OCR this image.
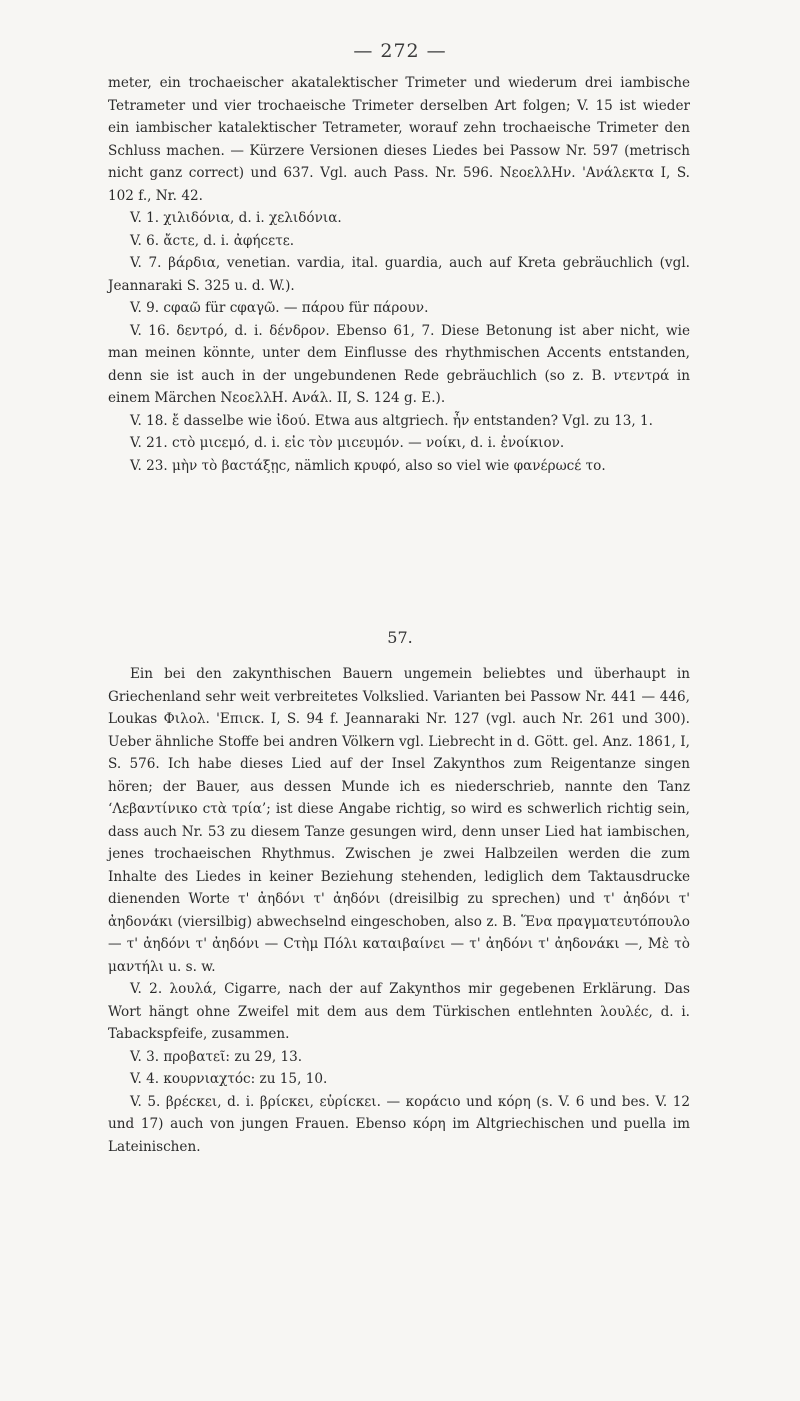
— 272 —

meter, ein trochaeischer akatalektischer Trimeter und wiederum drei iambische Tetrameter und vier trochaeische Trimeter derselben Art folgen; V. 15 ist wieder ein iambischer katalektischer Tetrameter, worauf zehn trochaeische Trimeter den Schluss machen. — Kürzere Versionen dieses Liedes bei Passow Nr. 597 (metrisch nicht ganz correct) und 637. Vgl. auch Pass. Nr. 596. ΝεοελλΗν. 'Ανάλεκτα I, S. 102 f., Nr. 42.

V. 1. χιλιδόνια, d. i. χελιδόνια.

V. 6. ἄcτε, d. i. ἀφήcετε.

V. 7. βάρδια, venetian. vardia, ital. guardia, auch auf Kreta gebräuchlich (vgl. Jeannaraki S. 325 u. d. W.).

V. 9. cφαῶ für cφαγῶ. — πάρου für πάρουν.

V. 16. δεντρό, d. i. δένδρον. Ebenso 61, 7. Diese Betonung ist aber nicht, wie man meinen könnte, unter dem Einflusse des rhythmischen Accents entstanden, denn sie ist auch in der ungebundenen Rede gebräuchlich (so z. B. ντεντρά in einem Märchen ΝεοελλΗ. Ανάλ. II, S. 124 g. E.).

V. 18. ἔ dasselbe wie ἰδού. Etwa aus altgriech. ἦν entstanden? Vgl. zu 13, 1.

V. 21. cτὸ μιcεμό, d. i. εἰc τὸν μιcευμόν. — νοίκι, d. i. ἐνοίκιον.

V. 23. μὴν τὸ βαcτάξῃc, nämlich κρυφό, also so viel wie φανέρωcέ το.

57.

Ein bei den zakynthischen Bauern ungemein beliebtes und überhaupt in Griechenland sehr weit verbreitetes Volkslied. Varianten bei Passow Nr. 441 — 446, Loukas Φιλολ. 'Επιcκ. I, S. 94 f. Jeannaraki Nr. 127 (vgl. auch Nr. 261 und 300). Ueber ähnliche Stoffe bei andren Völkern vgl. Liebrecht in d. Gött. gel. Anz. 1861, I, S. 576. Ich habe dieses Lied auf der Insel Zakynthos zum Reigentanze singen hören; der Bauer, aus dessen Munde ich es niederschrieb, nannte den Tanz ‘Λεβαντίνικο cτὰ τρία’; ist diese Angabe richtig, so wird es schwerlich richtig sein, dass auch Nr. 53 zu diesem Tanze gesungen wird, denn unser Lied hat iambischen, jenes trochaeischen Rhythmus. Zwischen je zwei Halbzeilen werden die zum Inhalte des Liedes in keiner Beziehung stehenden, lediglich dem Taktausdrucke dienenden Worte τ' ἀηδόνι τ' ἀηδόνι (dreisilbig zu sprechen) und τ' ἀηδόνι τ' ἀηδονάκι (viersilbig) abwechselnd eingeschoben, also z. B. Ἕνα πραγματευτόπουλο — τ' ἀηδόνι τ' ἀηδόνι — Cτὴμ Πόλι καταιβαίνει — τ' ἀηδόνι τ' ἀηδονάκι —, Μὲ τὸ μαντήλι u. s. w.

V. 2. λουλά, Cigarre, nach der auf Zakynthos mir gegebenen Erklärung. Das Wort hängt ohne Zweifel mit dem aus dem Türkischen entlehnten λουλέc, d. i. Tabackspfeife, zusammen.

V. 3. προβατεῖ: zu 29, 13.

V. 4. κουρνιαχτόc: zu 15, 10.

V. 5. βρέcκει, d. i. βρίcκει, εὑρίcκει. — κοράcιο und κόρη (s. V. 6 und bes. V. 12 und 17) auch von jungen Frauen. Ebenso κόρη im Altgriechischen und puella im Lateinischen.
